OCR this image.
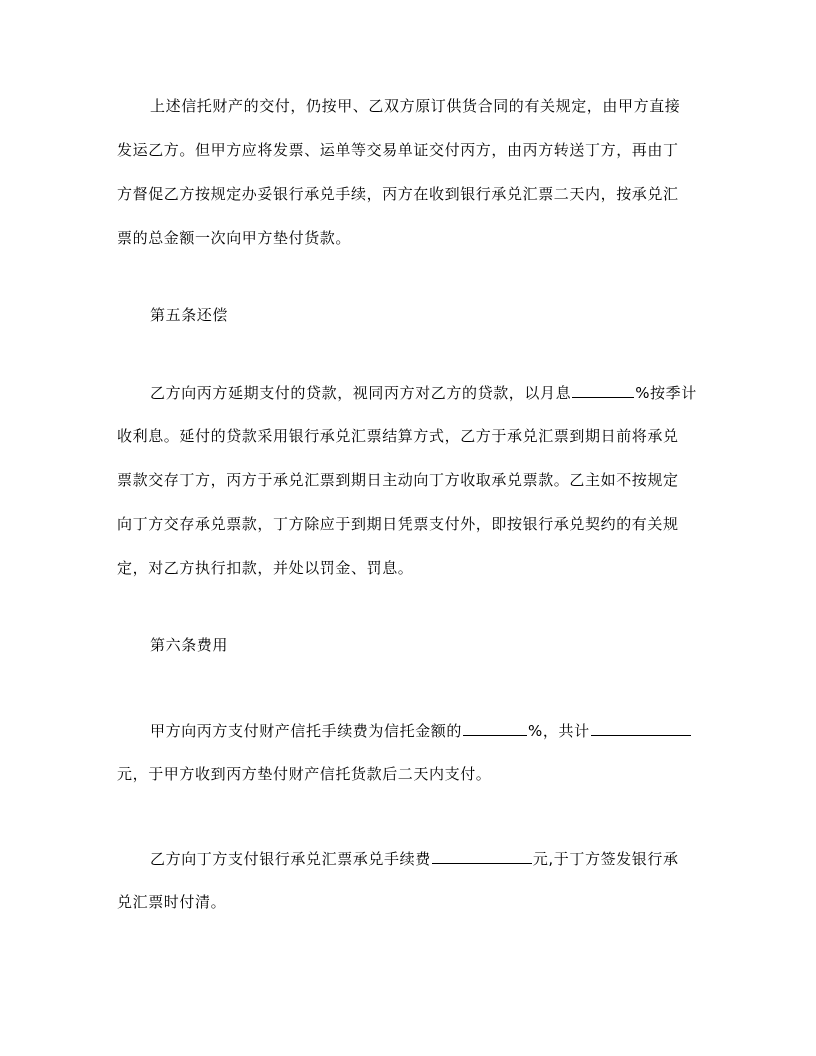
上述信托财产的交付，仍按甲、乙双方原订供货合同的有关规定，由甲方直接
发运乙方。但甲方应将发票、运单等交易单证交付丙方，由丙方转送丁方，再由丁
方督促乙方按规定办妥银行承兑手续，丙方在收到银行承兑汇票二天内，按承兑汇
票的总金额一次向甲方垫付货款。
第五条还偿
乙方向丙方延期支付的贷款，视同丙方对乙方的贷款，以月息	%按季计
收利息。延付的贷款采用银行承兑汇票结算方式，乙方于承兑汇票到期日前将承兑
票款交存丁方，丙方于承兑汇票到期日主动向丁方收取承兑票款。乙主如不按规定
向丁方交存承兑票款，丁方除应于到期日凭票支付外，即按银行承兑契约的有关规
定，对乙方执行扣款，并处以罚金、罚息。
第六条费用
甲方向丙方支付财产信托手续费为信托金额的	%，共计
元，于甲方收到丙方垫付财产信托货款后二天内支付。
乙方向丁方支付银行承兑汇票承兑手续费	元,于丁方签发银行承
兑汇票时付清。
